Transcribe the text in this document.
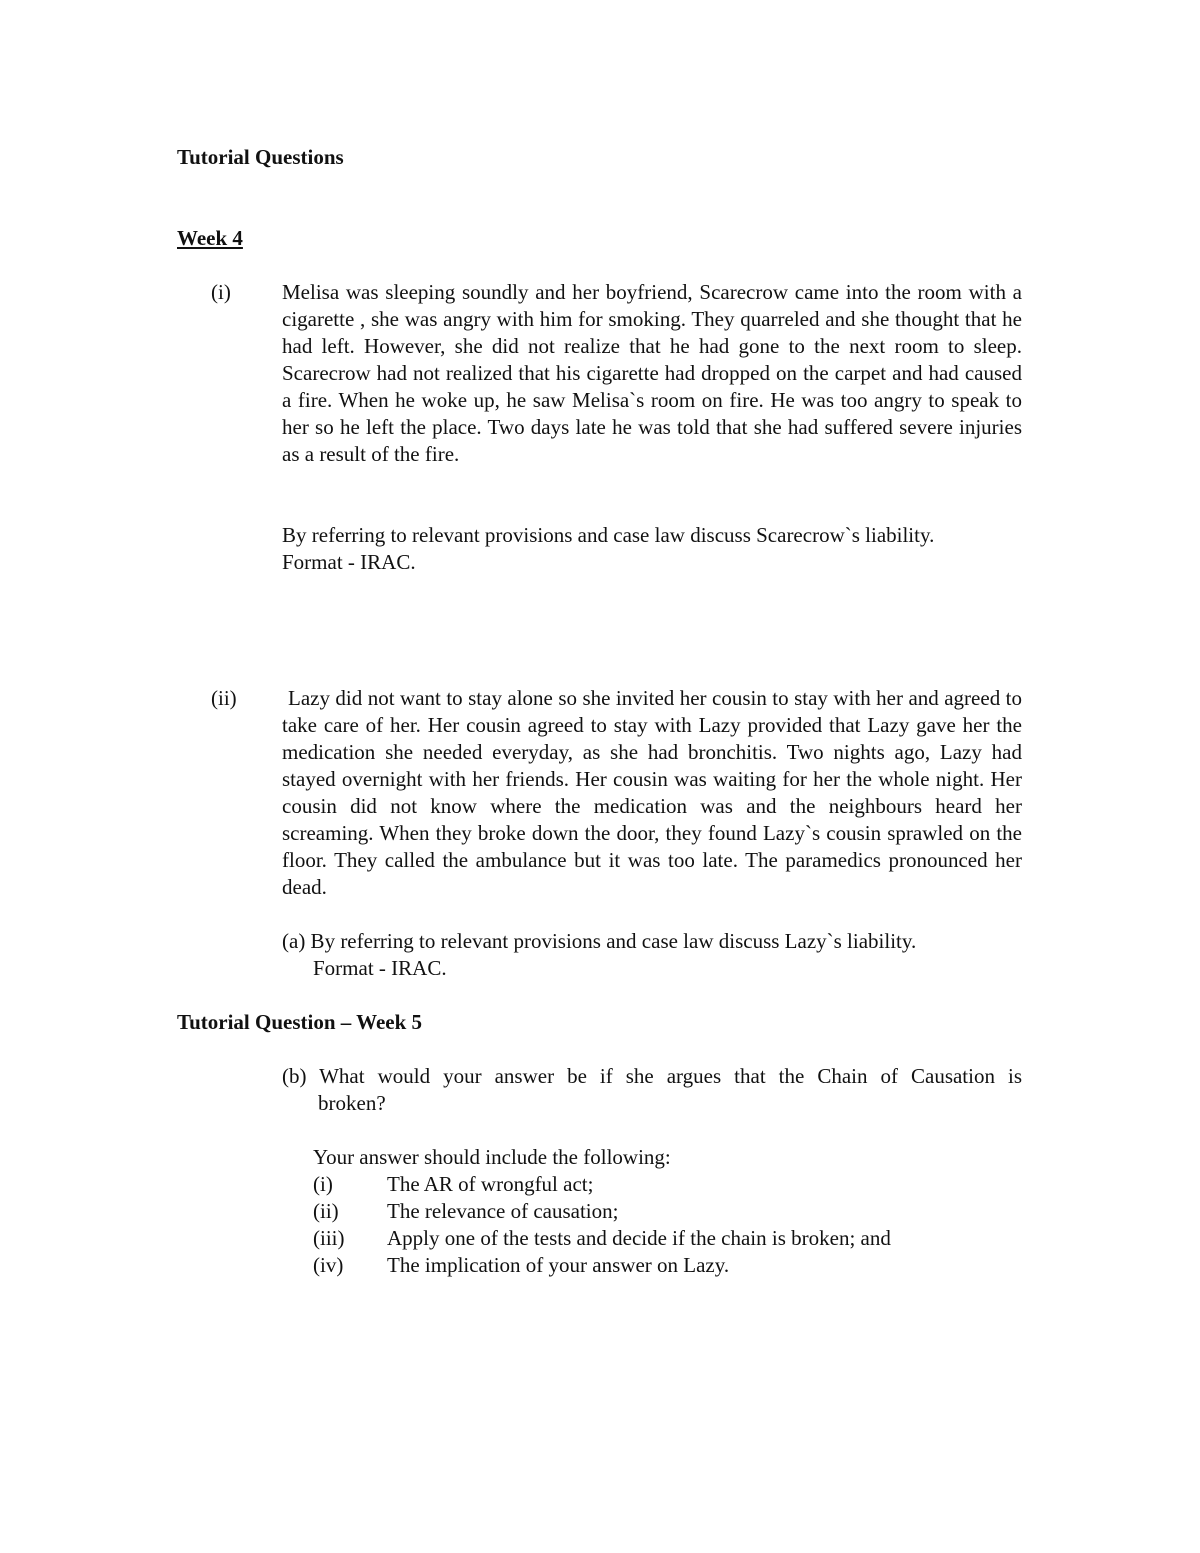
Tutorial Questions
Week 4
(i) Melisa was sleeping soundly and her boyfriend, Scarecrow came into the room with a cigarette , she was angry with him for smoking. They quarreled and she thought that he had left. However, she did not realize that he had gone to the next room to sleep. Scarecrow had not realized that his cigarette had dropped on the carpet and had caused a fire. When he woke up, he saw Melisa`s room on fire. He was too angry to speak to her so he left the place. Two days late he was told that she had suffered severe injuries as a result of the fire.

By referring to relevant provisions and case law discuss Scarecrow`s liability.

Format - IRAC.

(ii) Lazy did not want to stay alone so she invited her cousin to stay with her and agreed to take care of her. Her cousin agreed to stay with Lazy provided that Lazy gave her the medication she needed everyday, as she had bronchitis. Two nights ago, Lazy had stayed overnight with her friends. Her cousin was waiting for her the whole night. Her cousin did not know where the medication was and the neighbours heard her screaming. When they broke down the door, they found Lazy`s cousin sprawled on the floor. They called the ambulance but it was too late. The paramedics pronounced her dead.

(a) By referring to relevant provisions and case law discuss Lazy`s liability.

Format - IRAC.

Tutorial Question – Week 5

(b) What would your answer be if she argues that the Chain of Causation is

broken?

Your answer should include the following:

(i)	The AR of wrongful act;
(ii) The relevance of causation;
(iii) Apply one of the tests and decide if the chain is broken; and
(iv) The implication of your answer on Lazy.
